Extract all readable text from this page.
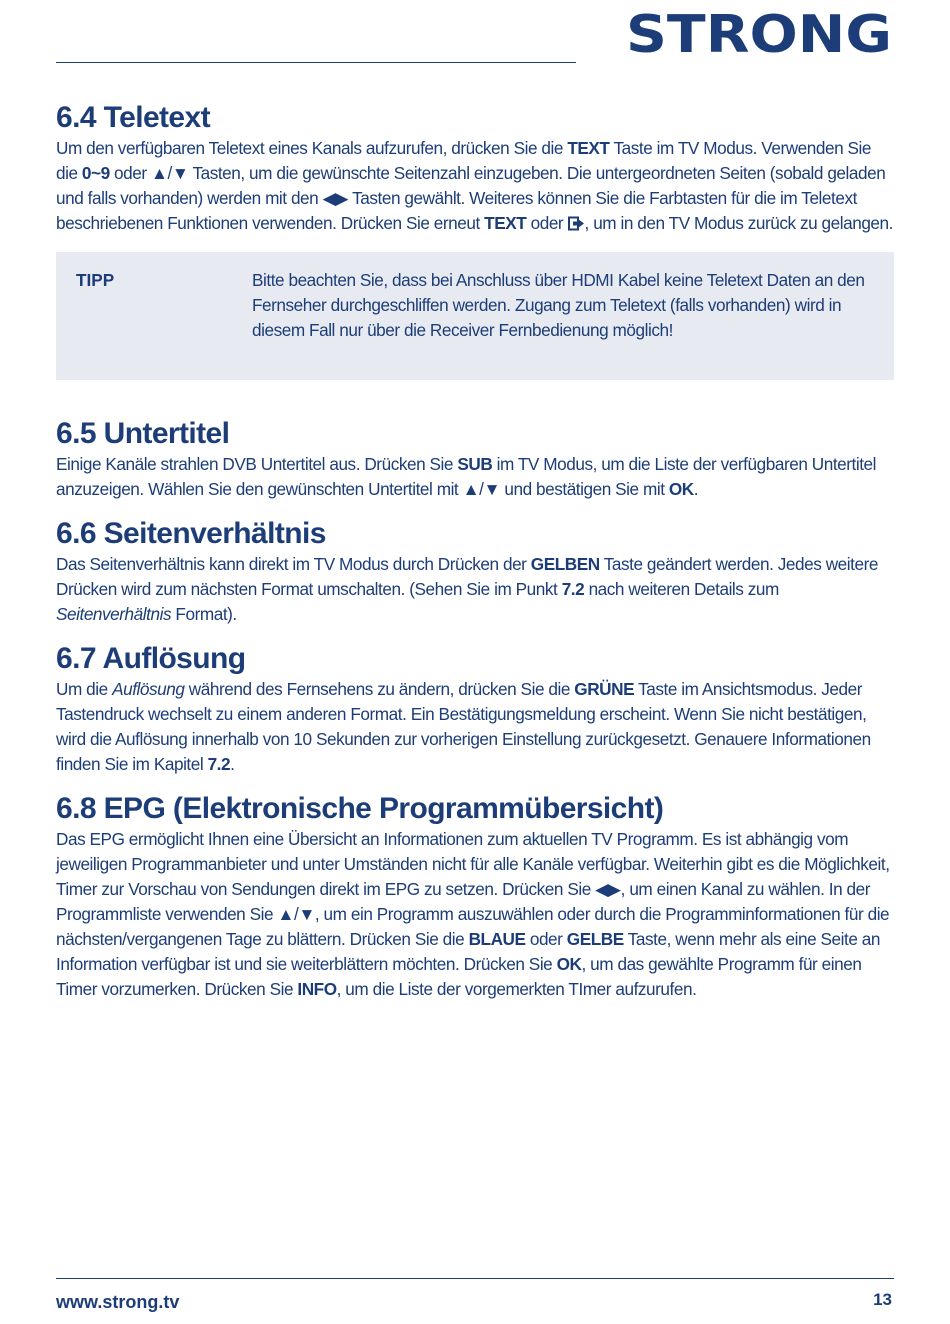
STRONG
6.4 Teletext

Um den verfügbaren Teletext eines Kanals aufzurufen, drücken Sie die TEXT Taste im TV Modus. Verwenden Sie die 0~9 oder ▲/▼ Tasten, um die gewünschte Seitenzahl einzugeben. Die untergeordneten Seiten (sobald geladen und falls vorhanden) werden mit den ◀▶ Tasten gewählt. Weiteres können Sie die Farbtasten für die im Teletext beschriebenen Funktionen verwenden. Drücken Sie erneut TEXT oder , um in den TV Modus zurück zu gelangen.

TIPP	Bitte beachten Sie, dass bei Anschluss über HDMI Kabel keine Teletext Daten an den Fernseher durchgeschliffen werden. Zugang zum Teletext (falls vorhanden) wird in diesem Fall nur über die Receiver Fernbedienung möglich!
6.5 Untertitel

Einige Kanäle strahlen DVB Untertitel aus. Drücken Sie SUB im TV Modus, um die Liste der verfügbaren Untertitel anzuzeigen. Wählen Sie den gewünschten Untertitel mit ▲/▼ und bestätigen Sie mit OK.

6.6 Seitenverhältnis

Das Seitenverhältnis kann direkt im TV Modus durch Drücken der GELBEN Taste geändert werden. Jedes weitere Drücken wird zum nächsten Format umschalten. (Sehen Sie im Punkt 7.2 nach weiteren Details zum Seitenverhältnis Format).

6.7 Auflösung

Um die Auflösung während des Fernsehens zu ändern, drücken Sie die GRÜNE Taste im Ansichtsmodus. Jeder Tastendruck wechselt zu einem anderen Format. Ein Bestätigungsmeldung erscheint. Wenn Sie nicht bestätigen, wird die Auflösung innerhalb von 10 Sekunden zur vorherigen Einstellung zurückgesetzt. Genauere Informationen finden Sie im Kapitel 7.2.

6.8 EPG (Elektronische Programmübersicht)

Das EPG ermöglicht Ihnen eine Übersicht an Informationen zum aktuellen TV Programm. Es ist abhängig vom jeweiligen Programmanbieter und unter Umständen nicht für alle Kanäle verfügbar. Weiterhin gibt es die Möglichkeit, Timer zur Vorschau von Sendungen direkt im EPG zu setzen. Drücken Sie ◀▶, um einen Kanal zu wählen. In der Programmliste verwenden Sie ▲/▼, um ein Programm auszuwählen oder durch die Programminformationen für die nächsten/vergangenen Tage zu blättern. Drücken Sie die BLAUE oder GELBE Taste, wenn mehr als eine Seite an Information verfügbar ist und sie weiterblättern möchten. Drücken Sie OK, um das gewählte Programm für einen Timer vorzumerken. Drücken Sie INFO, um die Liste der vorgemerkten TImer aufzurufen.

www.strong.tv	13
